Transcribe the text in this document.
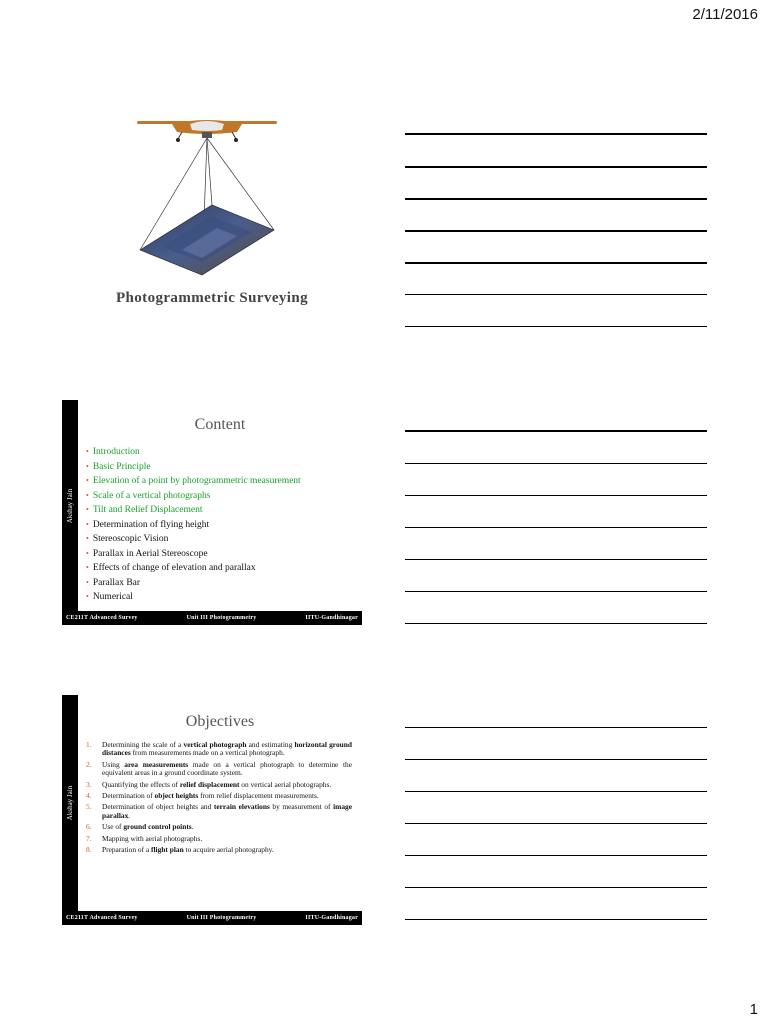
2/11/2016
Photogrammetric Surveying
Akshay Jain
Content
• Introduction
• Basic Principle
• Elevation of a point by photogrammetric measurement
• Scale of a vertical photographs
• Tilt and Relief Displacement
• Determination of flying height
• Stereoscopic Vision
• Parallax in Aerial Stereoscope
• Effects of change of elevation and parallax
• Parallax Bar
• Numerical
CE211T Advanced Survey	Unit III Photogrammetry	IITU-Gandhinagar
Akshay Jain
Objectives
1.	Determining the scale of a vertical photograph and estimating horizontal ground distances from measurements made on a vertical photograph.
2.	Using area measurements made on a vertical photograph to determine the equivalent areas in a ground coordinate system.
3.	Quantifying the effects of relief displacement on vertical aerial photographs.
4.	Determination of object heights from relief displacement measurements.
5.	Determination of object heights and terrain elevations by measurement of image parallax.
6.	Use of ground control points.
7.	Mapping with aerial photographs.
8.	Preparation of a flight plan to acquire aerial photography.
CE211T Advanced Survey	Unit III Photogrammetry	IITU-Gandhinagar
1
